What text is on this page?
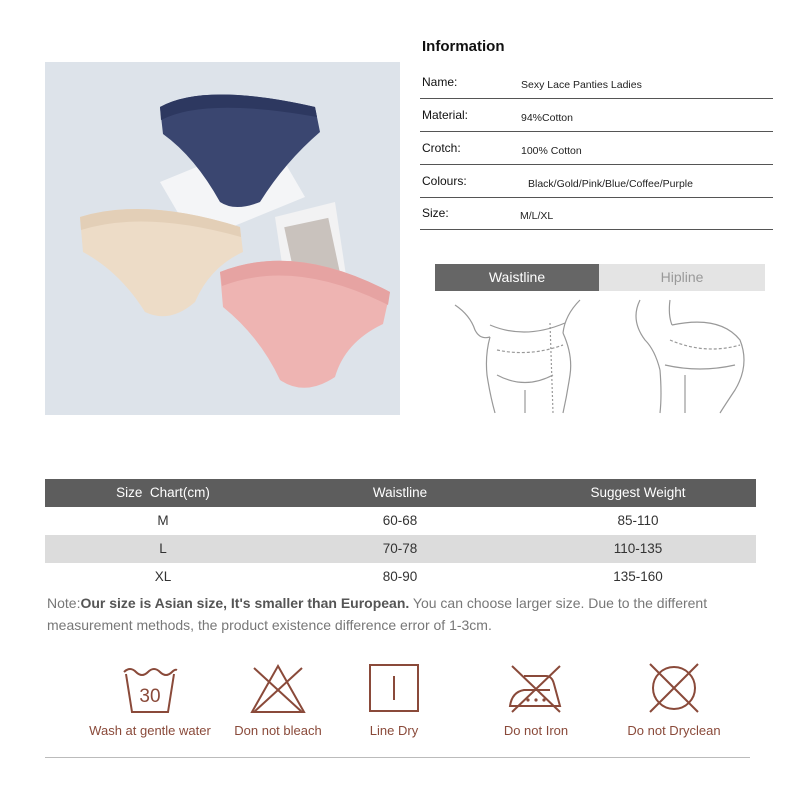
Information
Name:	Sexy Lace Panties Ladies
Material:	94%Cotton
Crotch:	100% Cotton
Colours:	Black/Gold/Pink/Blue/Coffee/Purple
Size:	M/L/XL
Waistline	Hipline
Size  Chart(cm)	Waistline	Suggest Weight
M	60-68	85-110
L	70-78	110-135
XL	80-90	135-160
Note:Our size is Asian size, It's smaller than European. You can choose larger size. Due to the different measurement methods, the product existence difference error of 1-3cm.
30
Wash at gentle water	Don not bleach	Line Dry	Do not Iron	Do not Dryclean
